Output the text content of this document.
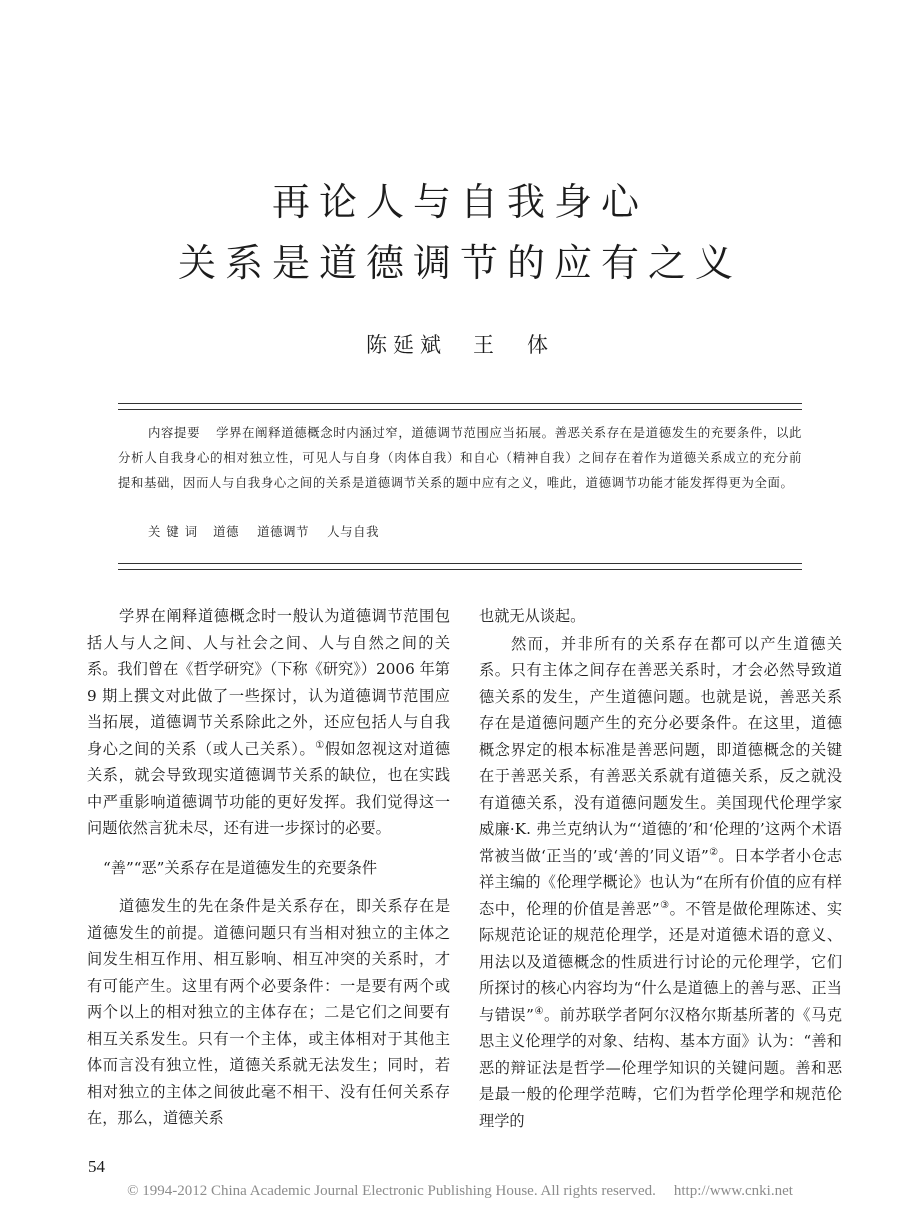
再论人与自我身心
关系是道德调节的应有之义
陈延斌 王　体

内容提要 学界在阐释道德概念时内涵过窄，道德调节范围应当拓展。善恶关系存在是道德发生的充要条件，以此分析人自我身心的相对独立性，可见人与自身（肉体自我）和自心（精神自我）之间存在着作为道德关系成立的充分前提和基础，因而人与自我身心之间的关系是道德调节关系的题中应有之义，唯此，道德调节功能才能发挥得更为全面。

关键词 道德 道德调节 人与自我

学界在阐释道德概念时一般认为道德调节范围包括人与人之间、人与社会之间、人与自然之间的关系。我们曾在《哲学研究》（下称《研究》）2006 年第 9 期上撰文对此做了一些探讨，认为道德调节范围应当拓展，道德调节关系除此之外，还应包括人与自我身心之间的关系（或人己关系）。①假如忽视这对道德关系，就会导致现实道德调节关系的缺位，也在实践中严重影响道德调节功能的更好发挥。我们觉得这一问题依然言犹未尽，还有进一步探讨的必要。

“善”“恶”关系存在是道德发生的充要条件

道德发生的先在条件是关系存在，即关系存在是道德发生的前提。道德问题只有当相对独立的主体之间发生相互作用、相互影响、相互冲突的关系时，才有可能产生。这里有两个必要条件：一是要有两个或两个以上的相对独立的主体存在；二是它们之间要有相互关系发生。只有一个主体，或主体相对于其他主体而言没有独立性，道德关系就无法发生；同时，若相对独立的主体之间彼此毫不相干、没有任何关系存在，那么，道德关系

也就无从谈起。

然而，并非所有的关系存在都可以产生道德关系。只有主体之间存在善恶关系时，才会必然导致道德关系的发生，产生道德问题。也就是说，善恶关系存在是道德问题产生的充分必要条件。在这里，道德概念界定的根本标准是善恶问题，即道德概念的关键在于善恶关系，有善恶关系就有道德关系，反之就没有道德关系，没有道德问题发生。美国现代伦理学家威廉·K. 弗兰克纳认为“‘道德的’和‘伦理的’这两个术语常被当做‘正当的’或‘善的’同义语”②。日本学者小仓志祥主编的《伦理学概论》也认为“在所有价值的应有样态中，伦理的价值是善恶”③。不管是做伦理陈述、实际规范论证的规范伦理学，还是对道德术语的意义、用法以及道德概念的性质进行讨论的元伦理学，它们所探讨的核心内容均为“什么是道德上的善与恶、正当与错误”④。前苏联学者阿尔汉格尔斯基所著的《马克思主义伦理学的对象、结构、基本方面》认为：“善和恶的辩证法是哲学—伦理学知识的关键问题。善和恶是最一般的伦理学范畴，它们为哲学伦理学和规范伦理学的

54
© 1994-2012 China Academic Journal Electronic Publishing House. All rights reserved. http://www.cnki.net
